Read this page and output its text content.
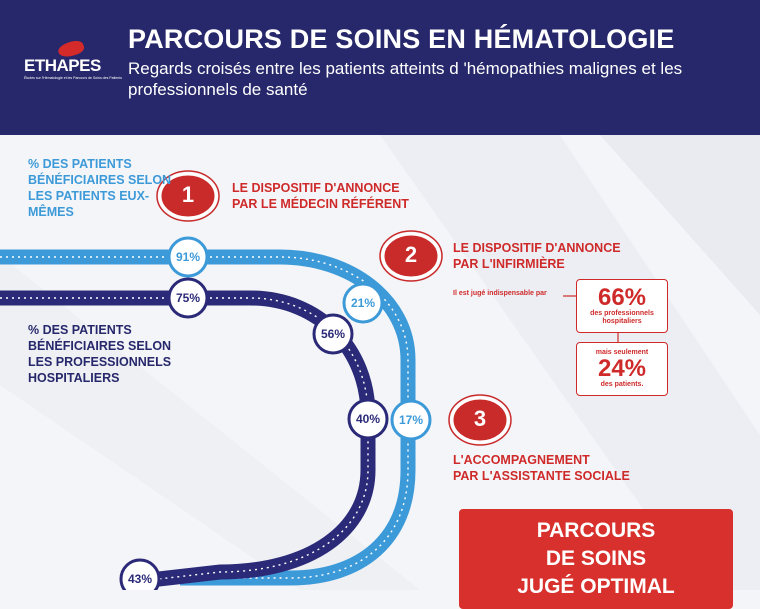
ETHAPES
Études sur l'Hématologie et les Parcours de Soins des Patients
PARCOURS DE SOINS EN HÉMATOLOGIE
Regards croisés entre les patients atteints d 'hémopathies malignes et les professionnels de santé
% DES PATIENTS BÉNÉFICIAIRES SELON LES PATIENTS EUX-MÊMES
% DES PATIENTS BÉNÉFICIAIRES SELON LES PROFESSIONNELS HOSPITALIERS
1
2
3
LE DISPOSITIF D'ANNONCE
PAR LE MÉDECIN RÉFÉRENT
LE DISPOSITIF D'ANNONCE
PAR L'INFIRMIÈRE
L'ACCOMPAGNEMENT
PAR L'ASSISTANTE SOCIALE
91%
75%	21%
56%
17%
40%
43%
Il est jugé indispensable par	66%
des professionnels hospitaliers
mais seulement
24%
des patients.
PARCOURS
DE SOINS
JUGÉ OPTIMAL
